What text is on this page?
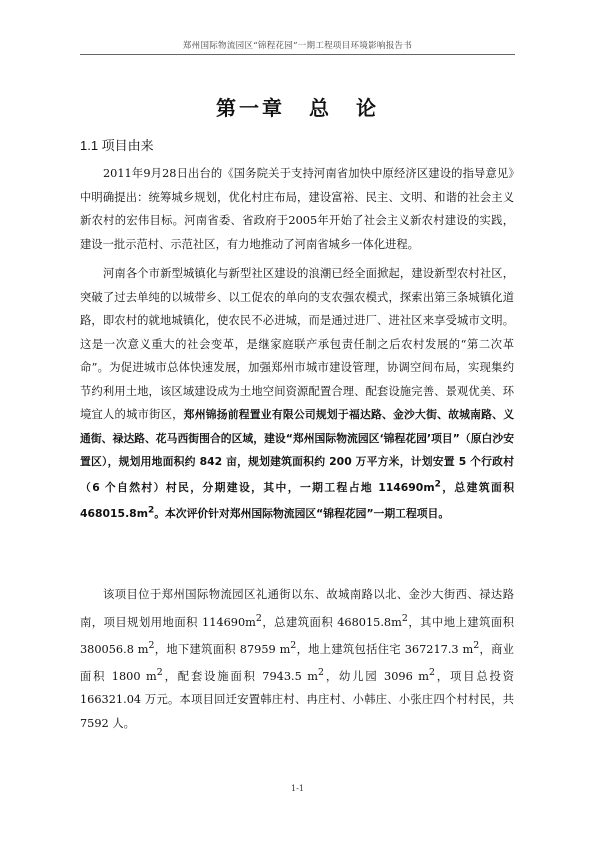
郑州国际物流园区“锦程花园”一期工程项目环境影响报告书
第一章 总 论
1.1 项目由来

2011年9月28日出台的《国务院关于支持河南省加快中原经济区建设的指导意见》中明确提出：统筹城乡规划，优化村庄布局，建设富裕、民主、文明、和谐的社会主义新农村的宏伟目标。河南省委、省政府于2005年开始了社会主义新农村建设的实践，建设一批示范村、示范社区，有力地推动了河南省城乡一体化进程。

河南各个市新型城镇化与新型社区建设的浪潮已经全面掀起，建设新型农村社区，突破了过去单纯的以城带乡、以工促农的单向的支农强农模式，探索出第三条城镇化道路，即农村的就地城镇化，使农民不必进城，而是通过进厂、进社区来享受城市文明。这是一次意义重大的社会变革，是继家庭联产承包责任制之后农村发展的“第二次革命”。为促进城市总体快速发展，加强郑州市城市建设管理，协调空间布局，实现集约节约利用土地，该区域建设成为土地空间资源配置合理、配套设施完善、景观优美、环境宜人的城市街区，郑州锦扬前程置业有限公司规划于福达路、金沙大街、故城南路、义通街、禄达路、花马西街围合的区域，建设“郑州国际物流园区‘锦程花园’项目”（原白沙安置区），规划用地面积约 842 亩，规划建筑面积约 200 万平方米，计划安置 5 个行政村（6 个自然村）村民，分期建设，其中，一期工程占地 $114690m^2$，总建筑面积 $468015.8m^2$。本次评价针对郑州国际物流园区“锦程花园”一期工程项目。

该项目位于郑州国际物流园区礼通街以东、故城南路以北、金沙大街西、禄达路南，项目规划用地面积 $114690m^2$，总建筑面积 $468015.8m^2$，其中地上建筑面积380056.8 $m^2$，地下建筑面积 87959 $m^2$，地上建筑包括住宅 367217.3 $m^2$，商业面积 1800 $m^2$，配套设施面积 7943.5 $m^2$，幼儿园 3096 $m^2$，项目总投资 166321.04 万元。本项目回迁安置韩庄村、冉庄村、小韩庄、小张庄四个村村民，共 7592 人。

1-1
